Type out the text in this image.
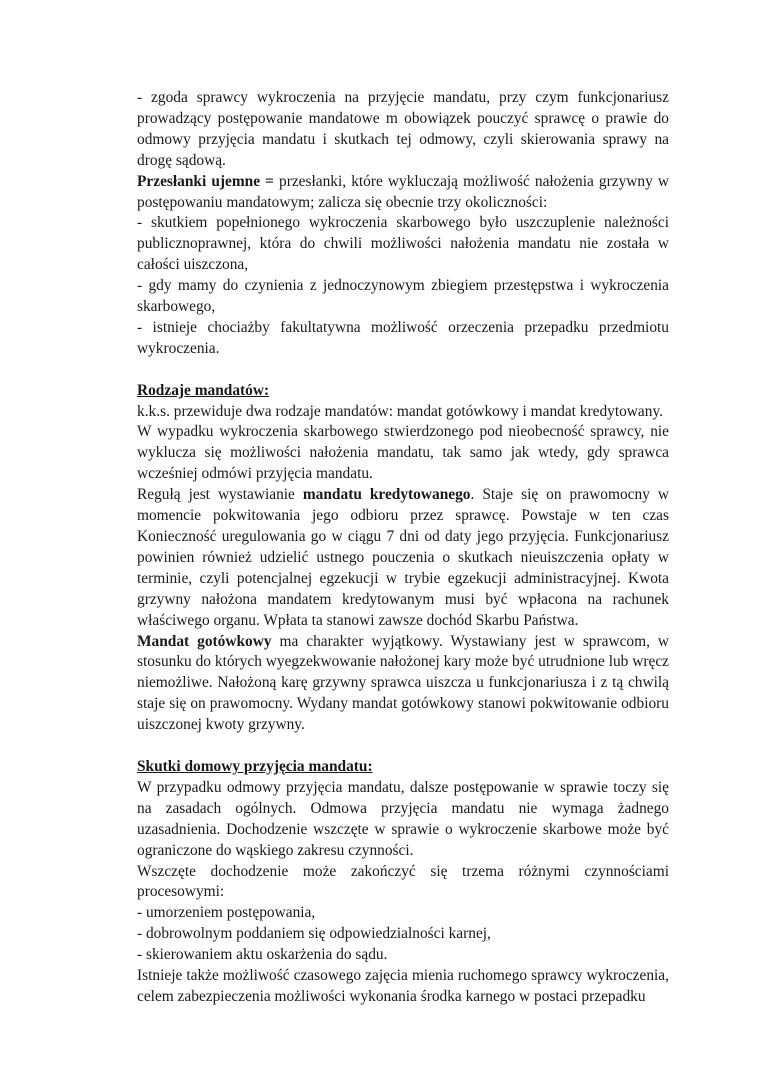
- zgoda sprawcy wykroczenia na przyjęcie mandatu, przy czym funkcjonariusz prowadzący postępowanie mandatowe m obowiązek pouczyć sprawcę o prawie do odmowy przyjęcia mandatu i skutkach tej odmowy, czyli skierowania sprawy na drogę sądową.

Przesłanki ujemne = przesłanki, które wykluczają możliwość nałożenia grzywny w postępowaniu mandatowym; zalicza się obecnie trzy okoliczności:

- skutkiem popełnionego wykroczenia skarbowego było uszczuplenie należności publicznoprawnej, która do chwili możliwości nałożenia mandatu nie została w całości uiszczona,

- gdy mamy do czynienia z jednoczynowym zbiegiem przestępstwa i wykroczenia skarbowego,

- istnieje chociażby fakultatywna możliwość orzeczenia przepadku przedmiotu wykroczenia.

Rodzaje mandatów:

k.k.s. przewiduje dwa rodzaje mandatów: mandat gotówkowy i mandat kredytowany.

W wypadku wykroczenia skarbowego stwierdzonego pod nieobecność sprawcy, nie wyklucza się możliwości nałożenia mandatu, tak samo jak wtedy, gdy sprawca wcześniej odmówi przyjęcia mandatu.

Regułą jest wystawianie mandatu kredytowanego. Staje się on prawomocny w momencie pokwitowania jego odbioru przez sprawcę. Powstaje w ten czas Konieczność uregulowania go w ciągu 7 dni od daty jego przyjęcia. Funkcjonariusz powinien również udzielić ustnego pouczenia o skutkach nieuiszczenia opłaty w terminie, czyli potencjalnej egzekucji w trybie egzekucji administracyjnej. Kwota grzywny nałożona mandatem kredytowanym musi być wpłacona na rachunek właściwego organu. Wpłata ta stanowi zawsze dochód Skarbu Państwa.

Mandat gotówkowy ma charakter wyjątkowy. Wystawiany jest w sprawcom, w stosunku do których wyegzekwowanie nałożonej kary może być utrudnione lub wręcz niemożliwe. Nałożoną karę grzywny sprawca uiszcza u funkcjonariusza i z tą chwilą staje się on prawomocny. Wydany mandat gotówkowy stanowi pokwitowanie odbioru uiszczonej kwoty grzywny.

Skutki domowy przyjęcia mandatu:

W przypadku odmowy przyjęcia mandatu, dalsze postępowanie w sprawie toczy się na zasadach ogólnych. Odmowa przyjęcia mandatu nie wymaga żadnego uzasadnienia. Dochodzenie wszczęte w sprawie o wykroczenie skarbowe może być ograniczone do wąskiego zakresu czynności.

Wszczęte dochodzenie może zakończyć się trzema różnymi czynnościami procesowymi:

- umorzeniem postępowania,

- dobrowolnym poddaniem się odpowiedzialności karnej,

- skierowaniem aktu oskarżenia do sądu.

Istnieje także możliwość czasowego zajęcia mienia ruchomego sprawcy wykroczenia, celem zabezpieczenia możliwości wykonania środka karnego w postaci przepadku
